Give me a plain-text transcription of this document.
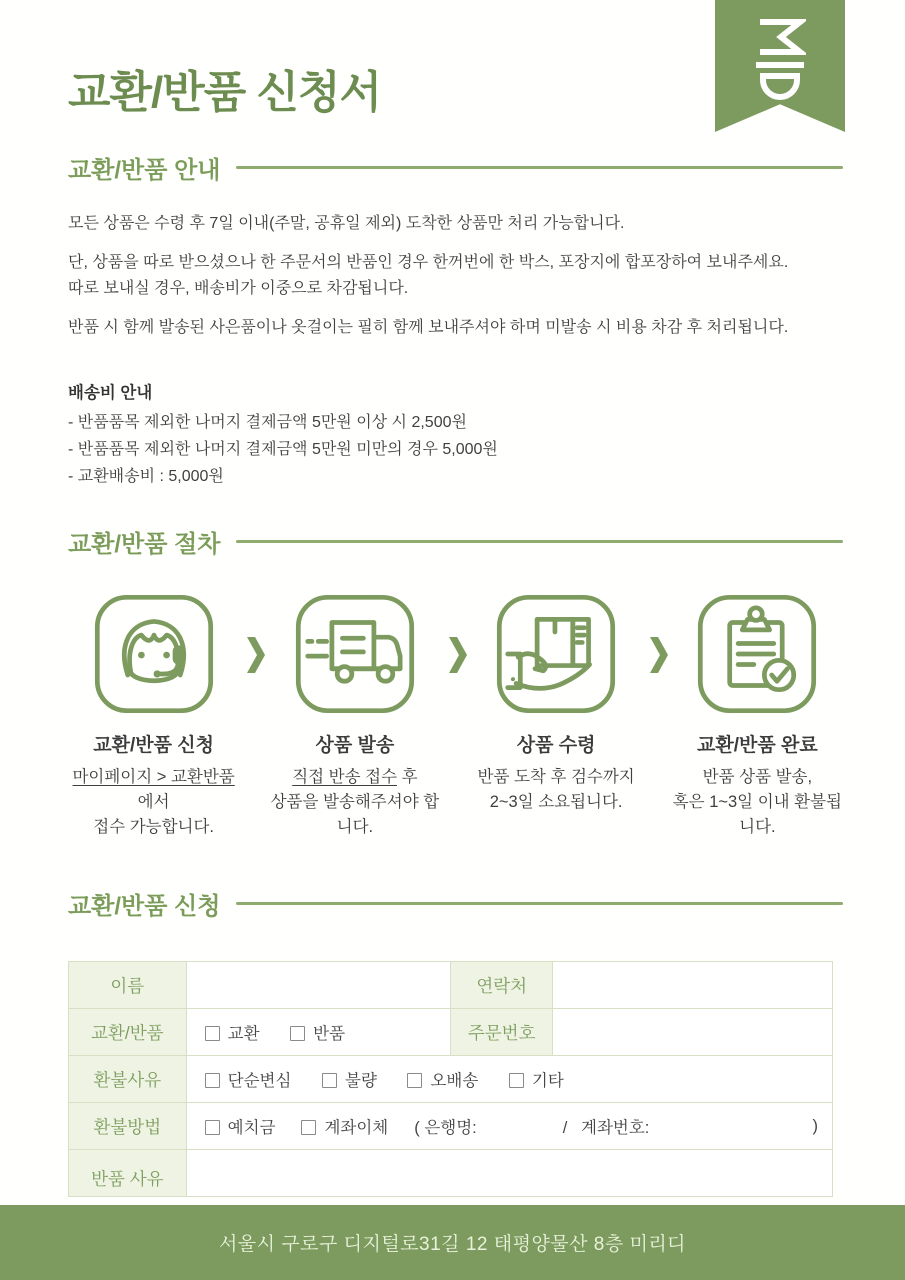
교환/반품 신청서
교환/반품 안내

모든 상품은 수령 후 7일 이내(주말, 공휴일 제외) 도착한 상품만 처리 가능합니다.

단, 상품을 따로 받으셨으나 한 주문서의 반품인 경우 한꺼번에 한 박스, 포장지에 합포장하여 보내주세요.
따로 보내실 경우, 배송비가 이중으로 차감됩니다.

반품 시 함께 발송된 사은품이나 옷걸이는 필히 함께 보내주셔야 하며 미발송 시 비용 차감 후 처리됩니다.

배송비 안내
- 반품품목 제외한 나머지 결제금액 5만원 이상 시 2,500원
- 반품품목 제외한 나머지 결제금액 5만원 미만의 경우 5,000원
- 교환배송비 : 5,000원
교환/반품 절차
교환/반품 신청
마이페이지 > 교환반품에서
접수 가능합니다.
상품 발송
직접 반송 접수 후
상품을 발송해주셔야 합니다.
상품 수령
반품 도착 후 검수까지
2~3일 소요됩니다.
교환/반품 완료
반품 상품 발송,
혹은 1~3일 이내 환불됩니다.
교환/반품 신청
이름		연락처	
교환/반품	교환 반품	주문번호	
환불사유	단순변심 불량 오배송 기타		
환불방법	예치금 계좌이체 ( 은행명: /   계좌번호: )		

반품 사유			
서울시 구로구 디지털로31길 12 태평양물산 8층 미리디
